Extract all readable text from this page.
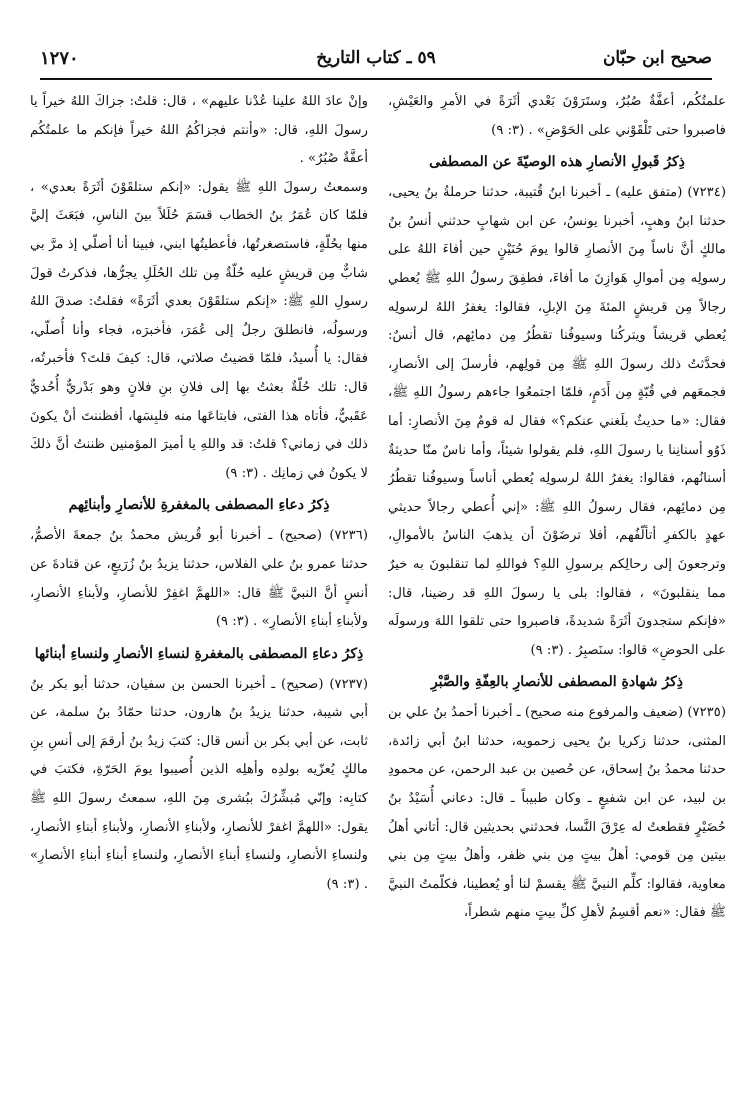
صحيح ابن حبّان
٥٩ ـ كتاب التاريخ
١٢٧٠

علمتُكُم، أعفَّةٌ صُبُرٌ، وستَرَوْنَ بَعْدي أثَرَةً في الأمرِ والعَيْشِ، فاصبروا حتى تَلْقَوْني على الحَوْضِ» . (٣: ٩)

ذِكرُ قَبولِ الأنصارِ هذه الوصيّةَ عن المصطفى

(٧٢٣٤) (متفق عليه) ـ أخبرنا ابنُ قُتيبة، حدثنا حرملةُ بنُ يحيى، حدثنا ابنُ وهبٍ، أخبرنا يونسُ، عن ابن شهابٍ حدثني أنسُ بنُ مالكٍ أنَّ ناساً مِنَ الأنصارِ قالوا يومَ حُنَيْنٍ حين أفاءَ اللهُ على رسولِه مِن أموالِ هَوازِنَ ما أفاءَ، فطفِقَ رسولُ اللهِ ﷺ يُعطي رجالاً مِن قريشٍ المئةَ مِنَ الإبلِ، فقالوا: يغفرُ اللهُ لرسولِه يُعطي قريشاً ويتركُنا وسيوفُنا تقطُرُ مِن دمائِهم، قال أنسٌ: فحدَّثتُ ذلك رسولَ اللهِ ﷺ مِن قولِهم، فأرسلَ إلى الأنصارِ، فجمعَهم في قُبّةٍ مِن أَدَمٍ، فلمّا اجتمعُوا جاءهم رسولُ اللهِ ﷺ، فقال: «ما حديثٌ بلَغني عنكم؟» فقال له قومٌ مِنَ الأنصارِ: أما ذَوُو أسنانِنا يا رسولَ اللهِ، فلم يقولوا شيئاً، وأما ناسٌ منّا حديثةٌ أسنانُهم، فقالوا: يغفرُ اللهُ لرسولِه يُعطي أناساً وسيوفُنا تقطُرُ مِن دمائِهم، فقال رسولُ اللهِ ﷺ: «إني أُعطي رجالاً حديثي عهدٍ بالكفرِ أتألّفُهم، أفلا ترضَوْنَ أن يذهبَ الناسُ بالأموالِ، وترجعونَ إلى رحالِكم برسولِ اللهِ؟ فواللهِ لما تنقلبونَ به خيرٌ مما ينقلبونَ» ، فقالوا: بلى يا رسولَ اللهِ قد رضينا، قال: «فإنكم ستجدونَ أثَرَةً شديدةً، فاصبروا حتى تلقوا اللهَ ورسولَه على الحوضِ» قالوا: سنَصبِرُ . (٣: ٩)

ذِكرُ شهادةِ المصطفى للأنصارِ بالعِفّةِ والصَّبْرِ

(٧٢٣٥) (ضعيف والمرفوع منه صحيح) ـ أخبرنا أحمدُ بنُ علي بن المثنى، حدثنا زكريا بنُ يحيى زحمويه، حدثنا ابنُ أبي زائدة، حدثنا محمدُ بنُ إسحاق، عن حُصين بن عبد الرحمن، عن محمودِ بن لبيد، عن ابن شفيعٍ ـ وكان طبيباً ـ قال: دعاني أُسَيْدُ بنُ حُضَيْرٍ فقطعتُ له عِرْقَ النَّسا، فحدثني بحديثين قال: أتاني أهلُ بيتين مِن قومي: أهلُ بيتٍ مِن بني ظفر، وأهلُ بيتٍ مِن بني معاوية، فقالوا: كلِّم النبيَّ ﷺ يقسمْ لنا أو يُعطينا، فكلّمتُ النبيَّ ﷺ فقال: «نعم أقسِمُ لأهلِ كلِّ بيتٍ منهم شطراً،

وإنْ عادَ اللهُ علينا عُدْنا عليهم» ، قال: قلتُ: جزاكَ اللهُ خيراً يا رسولَ اللهِ، قال: «وأنتم فجزاكُمُ اللهُ خيراً فإنكم ما علمتُكُم أعفَّةٌ صُبُرٌ» .

وسمعتُ رسولَ اللهِ ﷺ يقول: «إنكم ستلقَوْنَ أثَرَةً بعدي» ، فلمّا كان عُمَرُ بنُ الخطاب قسَمَ حُلَلاً بينَ الناسِ، فبَعَثَ إليَّ منها بحُلّةٍ، فاستصغرتُها، فأعطيتُها ابني، فبينا أنا أصلّي إذ مرَّ بي شابٌّ مِن قريشٍ عليه حُلّةٌ مِن تلك الحُلَلِ يجرُّها، فذكرتُ قولَ رسولِ اللهِ ﷺ: «إنكم ستلقَوْنَ بعدي أثَرَةً» فقلتُ: صدقَ اللهُ ورسولُه، فانطلقَ رجلٌ إلى عُمَرَ، فأخبرَه، فجاء وأنا أُصلّي، فقال: يا أُسيدُ، فلمّا قضيتُ صلاتي، قال: كيفَ قلتَ؟ فأخبرتُه، قال: تلك حُلّةٌ بعثتُ بها إلى فلانِ بنِ فلانٍ وهو بَدْريٌّ أُحُديٌّ عَقَبيٌّ، فأتاه هذا الفتى، فابتاعَها منه فلبِسَها، أفظننتَ أنْ يكونَ ذلك في زماني؟ قلتُ: قد واللهِ يا أميرَ المؤمنين ظننتُ أنَّ ذلكَ لا يكونُ في زمانِك . (٣: ٩)

ذِكرُ دعاءِ المصطفى بالمغفرةِ للأنصارِ وأبنائِهم

(٧٢٣٦) (صحيح) ـ أخبرنا أبو قُريش محمدُ بنُ جمعةَ الأصمُّ، حدثنا عمرو بنُ علي الفلاس، حدثنا يزيدُ بنُ زُرَيعٍ، عن قتادةَ عن أنسٍ أنَّ النبيَّ ﷺ قال: «اللهمَّ اغفِرْ للأنصارِ، ولأبناءِ الأنصارِ، ولأبناءِ أبناءِ الأنصارِ» . (٣: ٩)

ذِكرُ دعاءِ المصطفى بالمغفرةِ لنساءِ الأنصارِ ولنساءِ أبنائها

(٧٢٣٧) (صحيح) ـ أخبرنا الحسن بن سفيان، حدثنا أبو بكر بنُ أبي شيبة، حدثنا يزيدُ بنُ هارون، حدثنا حمّادُ بنُ سلمة، عن ثابت، عن أبي بكر بن أنس قال: كتبَ زيدُ بنُ أرقمَ إلى أنسِ بنِ مالكٍ يُعزّيه بولدِه وأهلِه الذين أُصيبوا يومَ الحَرّةِ، فكتبَ في كتابِه: وإنّي مُبشِّرُكَ ببُشرى مِنَ اللهِ، سمعتُ رسولَ اللهِ ﷺ يقول: «اللهمَّ اغفرْ للأنصارِ، ولأبناءِ الأنصارِ، ولأبناءِ أبناءِ الأنصارِ، ولنساءِ الأنصارِ، ولنساءِ أبناءِ الأنصارِ، ولنساءِ أبناءِ أبناءِ الأنصارِ» . (٣: ٩)
